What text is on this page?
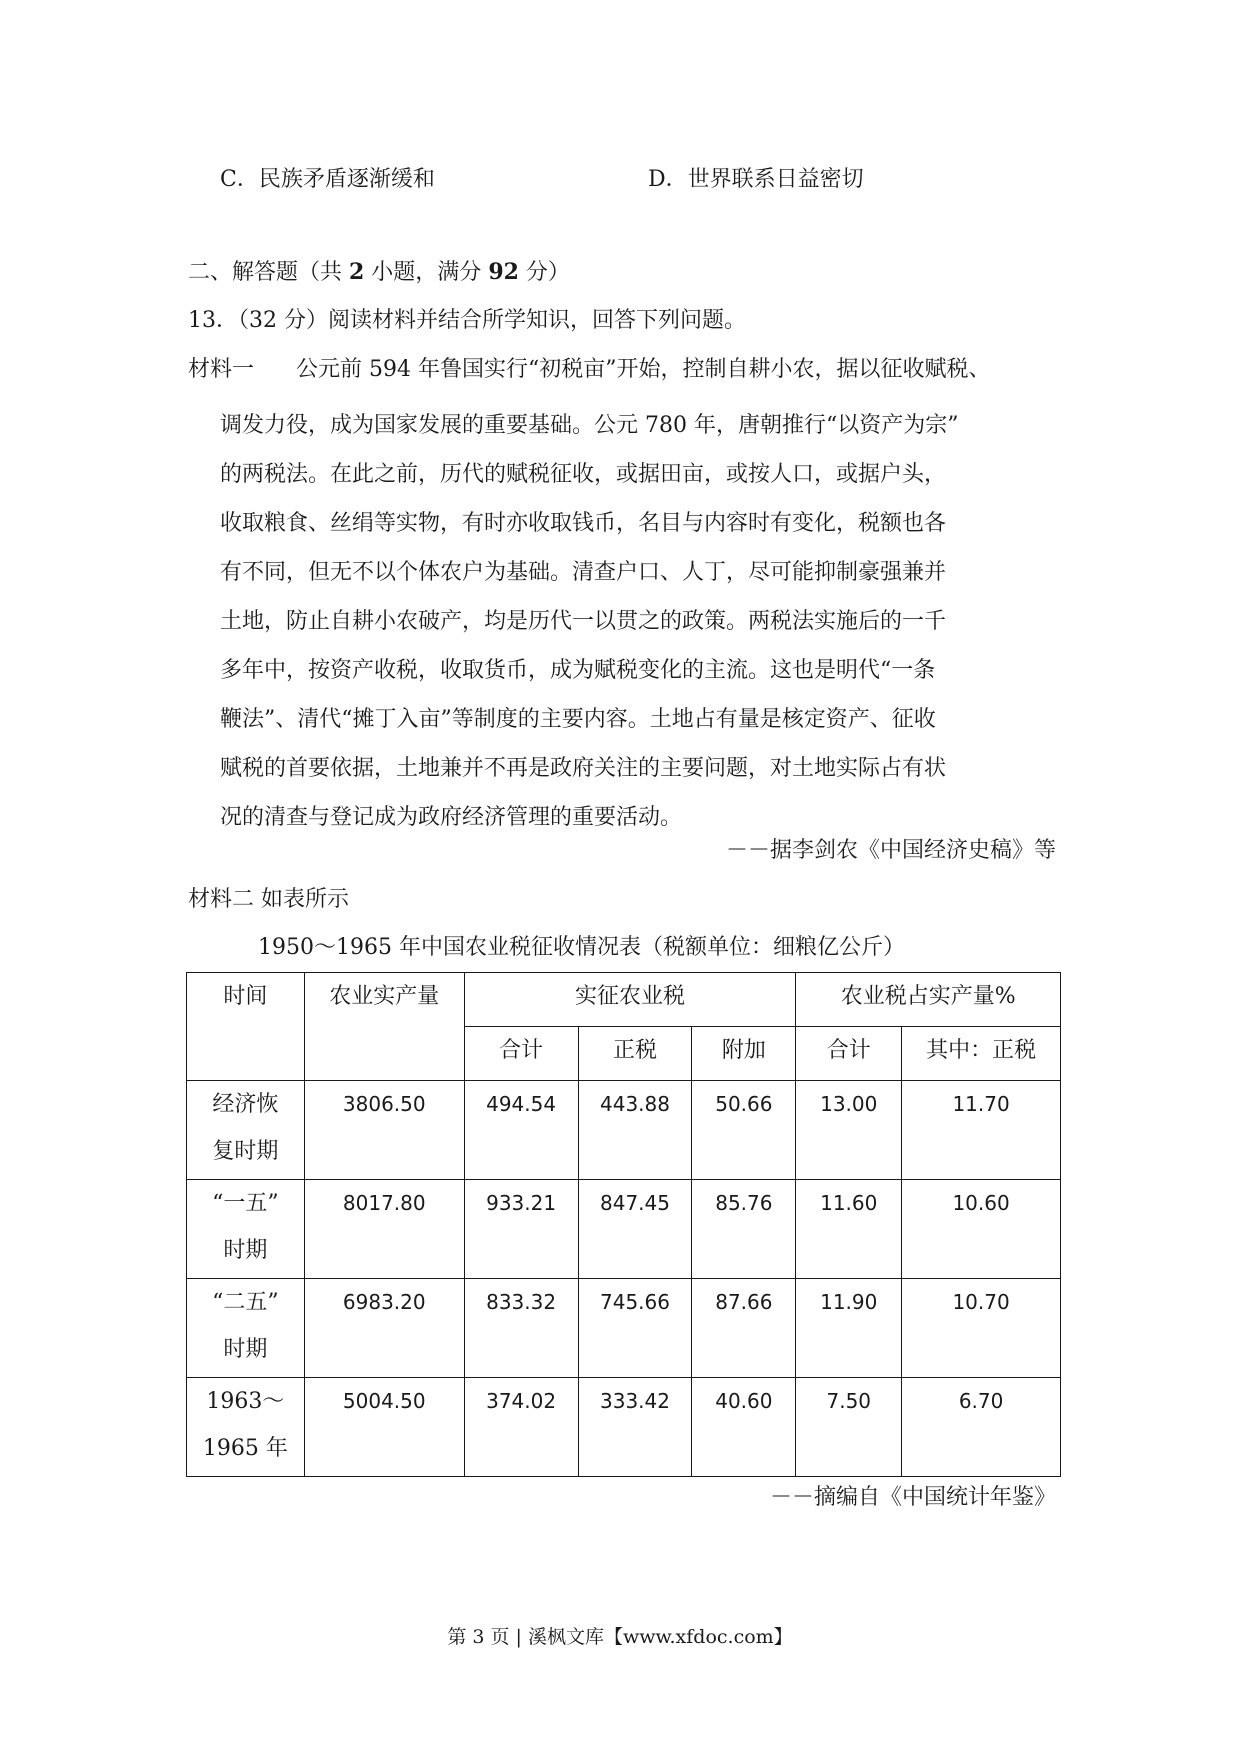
C．民族矛盾逐渐缓和	D．世界联系日益密切
二、解答题（共 2 小题，满分 92 分）
13．（32 分）阅读材料并结合所学知识，回答下列问题。
材料一 公元前 594 年鲁国实行“初税亩”开始，控制自耕小农，据以征收赋税、
调发力役，成为国家发展的重要基础。公元 780 年，唐朝推行“以资产为宗”
的两税法。在此之前，历代的赋税征收，或据田亩，或按人口，或据户头，
收取粮食、丝绢等实物，有时亦收取钱币，名目与内容时有变化，税额也各
有不同，但无不以个体农户为基础。清查户口、人丁，尽可能抑制豪强兼并
土地，防止自耕小农破产，均是历代一以贯之的政策。两税法实施后的一千
多年中，按资产收税，收取货币，成为赋税变化的主流。这也是明代“一条
鞭法”、清代“摊丁入亩”等制度的主要内容。土地占有量是核定资产、征收
赋税的首要依据，土地兼并不再是政府关注的主要问题，对土地实际占有状
况的清查与登记成为政府经济管理的重要活动。
－－据李剑农《中国经济史稿》等
材料二 如表所示
1950～1965 年中国农业税征收情况表（税额单位：细粮亿公斤）
时间	农业实产量	实征农业税			农业税占实产量%	
		合计	正税	附加	合计	其中：正税

经济恢
复时期	3806.50	494.54	443.88	50.66	13.00	11.70

“一五”
时期	8017.80	933.21	847.45	85.76	11.60	10.60

“二五”
时期	6983.20	833.32	745.66	87.66	11.90	10.70

1963～
1965 年	5004.50	374.02	333.42	40.60	7.50	6.70
－－摘编自《中国统计年鉴》
第 3 页 | 溪枫文库【www.xfdoc.com】
